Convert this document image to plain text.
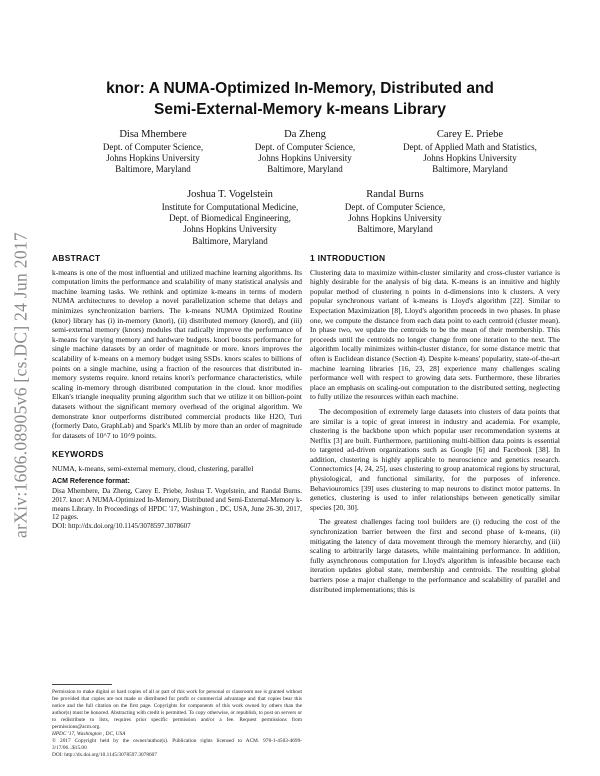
arXiv:1606.08905v6 [cs.DC] 24 Jun 2017
knor: A NUMA-Optimized In-Memory, Distributed and
Semi-External-Memory k-means Library
Disa Mhembere
Dept. of Computer Science,
Johns Hopkins University
Baltimore, Maryland
Da Zheng
Dept. of Computer Science,
Johns Hopkins University
Baltimore, Maryland
Carey E. Priebe
Dept. of Applied Math and Statistics,
Johns Hopkins University
Baltimore, Maryland
Joshua T. Vogelstein
Institute for Computational Medicine,
Dept. of Biomedical Engineering,
Johns Hopkins University
Baltimore, Maryland
Randal Burns
Dept. of Computer Science,
Johns Hopkins University
Baltimore, Maryland
ABSTRACT

k-means is one of the most influential and utilized machine learning algorithms. Its computation limits the performance and scalability of many statistical analysis and machine learning tasks. We rethink and optimize k-means in terms of modern NUMA architectures to develop a novel parallelization scheme that delays and minimizes synchronization barriers. The k-means NUMA Optimized Routine (knor) library has (i) in-memory (knori), (ii) distributed memory (knord), and (iii) semi-external memory (knors) modules that radically improve the performance of k-means for varying memory and hardware budgets. knori boosts performance for single machine datasets by an order of magnitude or more. knors improves the scalability of k-means on a memory budget using SSDs. knors scales to billions of points on a single machine, using a fraction of the resources that distributed in-memory systems require. knord retains knori's performance characteristics, while scaling in-memory through distributed computation in the cloud. knor modifies Elkan's triangle inequality pruning algorithm such that we utilize it on billion-point datasets without the significant memory overhead of the original algorithm. We demonstrate knor outperforms distributed commercial products like H2O, Turi (formerly Dato, GraphLab) and Spark's MLlib by more than an order of magnitude for datasets of 10^7 to 10^9 points.

KEYWORDS

NUMA, k-means, semi-external memory, cloud, clustering, parallel

ACM Reference format:

Disa Mhembere, Da Zheng, Carey E. Priebe, Joshua T. Vogelstein, and Randal Burns. 2017. knor: A NUMA-Optimized In-Memory, Distributed and Semi-External-Memory k-means Library. In Proceedings of HPDC '17, Washington , DC, USA, June 26-30, 2017, 12 pages.

DOI: http://dx.doi.org/10.1145/3078597.3078607

Permission to make digital or hard copies of all or part of this work for personal or classroom use is granted without fee provided that copies are not made or distributed for profit or commercial advantage and that copies bear this notice and the full citation on the first page. Copyrights for components of this work owned by others than the author(s) must be honored. Abstracting with credit is permitted. To copy otherwise, or republish, to post on servers or to redistribute to lists, requires prior specific permission and/or a fee. Request permissions from permissions@acm.org.

HPDC '17, Washington , DC, USA

© 2017 Copyright held by the owner/author(s). Publication rights licensed to ACM. 978-1-4503-4699-3/17/06...$15.00

DOI: http://dx.doi.org/10.1145/3078597.3078607

1 INTRODUCTION

Clustering data to maximize within-cluster similarity and cross-cluster variance is highly desirable for the analysis of big data. K-means is an intuitive and highly popular method of clustering n points in d-dimensions into k clusters. A very popular synchronous variant of k-means is Lloyd's algorithm [22]. Similar to Expectation Maximization [8], Lloyd's algorithm proceeds in two phases. In phase one, we compute the distance from each data point to each centroid (cluster mean). In phase two, we update the centroids to be the mean of their membership. This proceeds until the centroids no longer change from one iteration to the next. The algorithm locally minimizes within-cluster distance, for some distance metric that often is Euclidean distance (Section 4). Despite k-means' popularity, state-of-the-art machine learning libraries [16, 23, 28] experience many challenges scaling performance well with respect to growing data sets. Furthermore, these libraries place an emphasis on scaling-out computation to the distributed setting, neglecting to fully utilize the resources within each machine.

The decomposition of extremely large datasets into clusters of data points that are similar is a topic of great interest in industry and academia. For example, clustering is the backbone upon which popular user recommendation systems at Netflix [3] are built. Furthermore, partitioning multi-billion data points is essential to targeted ad-driven organizations such as Google [6] and Facebook [38]. In addition, clustering is highly applicable to neuroscience and genetics research. Connectomics [4, 24, 25], uses clustering to group anatomical regions by structural, physiological, and functional similarity, for the purposes of inference. Behaviouromics [39] uses clustering to map neurons to distinct motor patterns. In genetics, clustering is used to infer relationships between genetically similar species [20, 30].

The greatest challenges facing tool builders are (i) reducing the cost of the synchronization barrier between the first and second phase of k-means, (ii) mitigating the latency of data movement through the memory hierarchy, and (iii) scaling to arbitrarily large datasets, while maintaining performance. In addition, fully asynchronous computation for Lloyd's algorithm is infeasible because each iteration updates global state, membership and centroids. The resulting global barriers pose a major challenge to the performance and scalability of parallel and distributed implementations; this is
